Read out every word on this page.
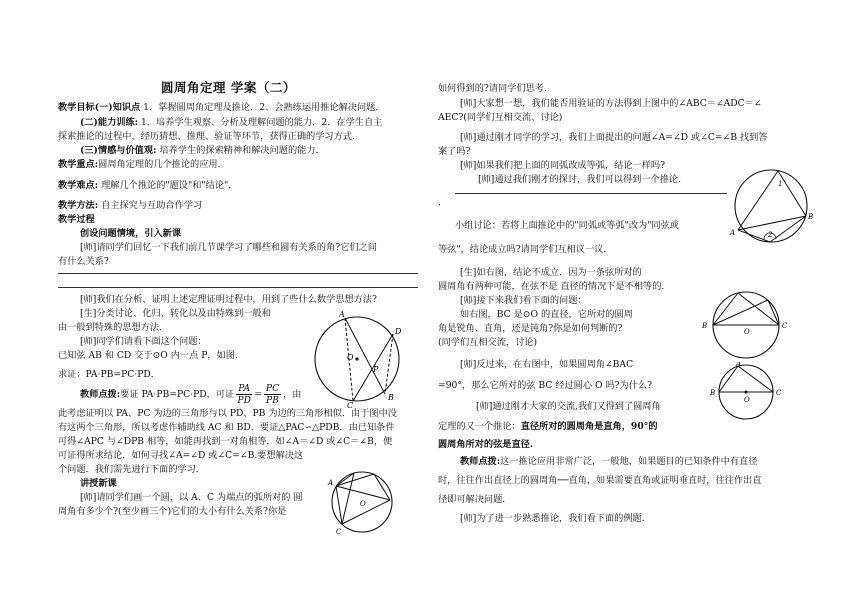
圆周角定理 学案（二）
教学目标(一)知识点 1．掌握圆周角定理及推论．2、会熟练运用推论解决问题．
(二)能力训练: 1．培养学生观察、分析及理解问题的能力．2．在学生自主
探索推论的过程中，经历猜想、推理、验证等环节，获得正确的学习方式．
(三)情感与价值观: 培养学生的探索精神和解决问题的能力.
教学重点:圆周角定理的几个推论的应用．
教学难点: 理解几个推论的"题设"和"结论"．
教学方法: 自主探究与互助合作学习
教学过程
创设问题情境，引入新课
[师]请同学们回忆一下我们前几节课学习了哪些和圆有关系的角?它们之间
有什么关系?
[师]我们在分析、证明上述定理证明过程中，用到了些什么数学思想方法?
[生]分类讨论、化归、转化以及由特殊到一般和
由一般到特殊的思想方法．
[师]同学们请看下面这个问题：
已知弦 AB 和 CD 交于⊙O 内一点 P，如图．
求证：PA·PB=PC·PD．
教师点拨:要证 PA·PB=PC·PD，可证 $\frac{PA}{PD} = \frac{PC}{PB}$ ，由
此考虑证明以 PA、PC 为边的三角形与以 PD、PB 为边的三角形相似．由于图中没
有这两个三角形，所以考虑作辅助线 AC 和 BD．要证△PAC∽△PDB．由已知条件
可得∠APC 与∠DPB 相等，如能再找到一对角相等．如∠A＝∠D 或∠C＝∠B，便
可证得所求结论．如何寻找∠A=∠D 或∠C=∠B.要想解决这
个问题．我们需先进行下面的学习．
讲授新课
[师]请同学们画一个圆，以 A、C 为端点的弧所对的 圆
周角有多少个?(至少画三个)它们的大小有什么关系?你是
A
D
O
P
C
B
A
C
O
如何得到的?请同学们思考．
[师]大家想一想，我们能否用验证的方法得到上图中的∠ABC＝∠ADC＝∠
AEC?(同学们互相交流、讨论)
[师]通过刚才同学的学习，我们上面提出的问题∠A=∠D 或∠C=∠B 找到答
案了吗?
[师]如果我们把上面的同弧改成等弧，结论一样吗?
[师]通过我们刚才的探讨，我们可以得到一个推论．
．
小组讨论：若将上面推论中的"同弧或等弧"改为"同弦或
等弦"，结论成立吗?请同学们互相议一议．
[生]如右图，结论不成立．因为一条弦所对的
圆周角有两种可能，在弦不是 直径的情况下是不相等的.
[师]接下来我们看下面的问题：
如右图，BC 是⊙O 的直径，它所对的圆周
角是锐角、直角，还是钝角?你是如何判断的?
(同学们互相交流，讨论)
[师]反过来，在右图中，如果圆周角∠BAC
=90°，那么它所对的弦 BC 经过圆心 O 吗?为什么?
[师]通过刚才大家的交流,我们又得到了圆周角
定理的又一个推论：直径所对的圆周角是直角，90°的
圆周角所对的弦是直径.
教师点拨:这一推论应用非常广泛，一般地，如果题目的已知条件中有直径
时，往往作出直径上的圆周角──直角，如果需要直角或证明垂直时，往往作出直
径即可解决问题.
[师]为了进一步熟悉推论，我们看下面的例题.
A
B
1
2
B
O
C
A
B
O
C
